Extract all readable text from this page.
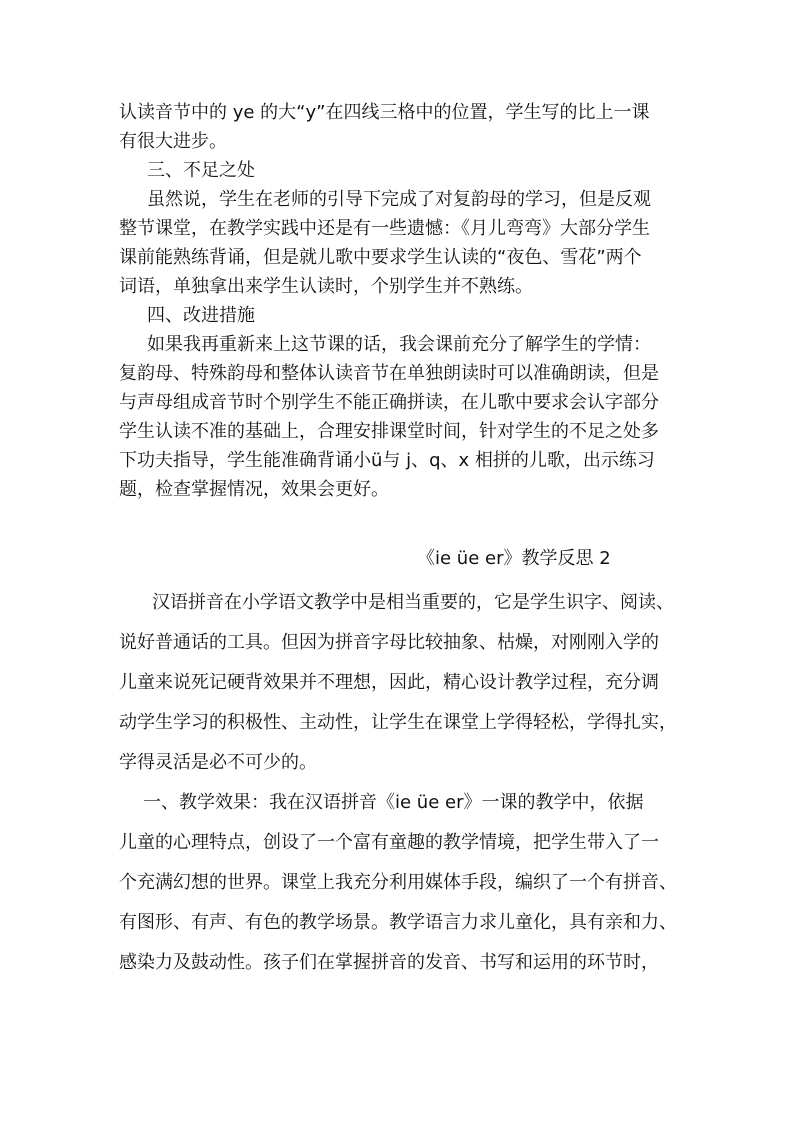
认读音节中的 ye 的大“y”在四线三格中的位置，学生写的比上一课
有很大进步。
三、不足之处
虽然说，学生在老师的引导下完成了对复韵母的学习，但是反观
整节课堂，在教学实践中还是有一些遗憾：《月儿弯弯》大部分学生
课前能熟练背诵，但是就儿歌中要求学生认读的“夜色、雪花”两个
词语，单独拿出来学生认读时，个别学生并不熟练。
四、改进措施
如果我再重新来上这节课的话，我会课前充分了解学生的学情：
复韵母、特殊韵母和整体认读音节在单独朗读时可以准确朗读，但是
与声母组成音节时个别学生不能正确拼读，在儿歌中要求会认字部分
学生认读不准的基础上，合理安排课堂时间，针对学生的不足之处多
下功夫指导，学生能准确背诵小ü与 j、q、x 相拼的儿歌，出示练习
题，检查掌握情况，效果会更好。
《ie üe er》教学反思 2
汉语拼音在小学语文教学中是相当重要的，它是学生识字、阅读、
说好普通话的工具。但因为拼音字母比较抽象、枯燥，对刚刚入学的
儿童来说死记硬背效果并不理想，因此，精心设计教学过程，充分调
动学生学习的积极性、主动性，让学生在课堂上学得轻松，学得扎实，
学得灵活是必不可少的。
一、教学效果：我在汉语拼音《ie üe er》一课的教学中，依据
儿童的心理特点，创设了一个富有童趣的教学情境，把学生带入了一
个充满幻想的世界。课堂上我充分利用媒体手段，编织了一个有拼音、
有图形、有声、有色的教学场景。教学语言力求儿童化，具有亲和力、
感染力及鼓动性。孩子们在掌握拼音的发音、书写和运用的环节时，
